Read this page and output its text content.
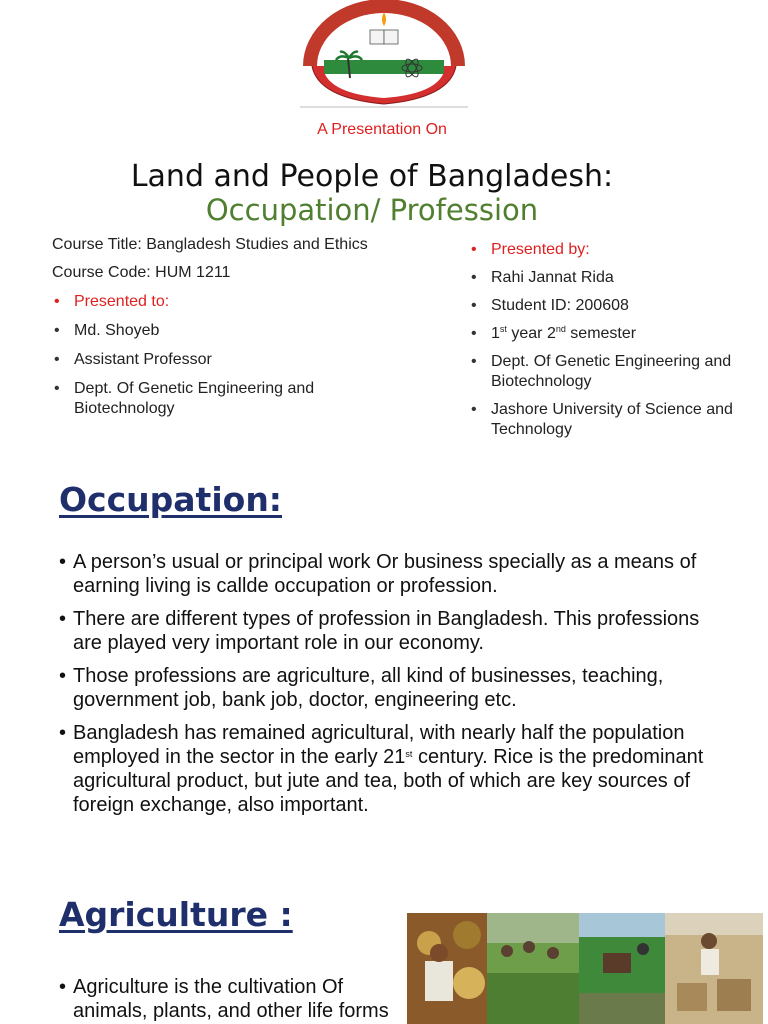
A Presentation On
Land and People of Bangladesh:
Occupation/ Profession
Course Title: Bangladesh Studies and Ethics
Course Code: HUM 1211
• Presented to:
• Md. Shoyeb
• Assistant Professor
• Dept. Of Genetic Engineering and Biotechnology
• Presented by:
• Rahi Jannat Rida
• Student ID: 200608
• 1st year 2nd semester
• Dept. Of Genetic Engineering and Biotechnology
• Jashore University of Science and Technology
Occupation:
• A person’s usual or principal work Or business specially as a means of earning living is callde occupation or profession.
• There are different types of profession in Bangladesh. This professions are played very important role in our economy.
• Those professions are agriculture, all kind of businesses, teaching, government job, bank job, doctor, engineering etc.
• Bangladesh has remained agricultural, with nearly half the population employed in the sector in the early 21st century. Rice is the predominant agricultural product, but jute and tea, both of which are key sources of foreign exchange, also important.
Agriculture :
• Agriculture is the cultivation Of animals, plants, and other life forms
